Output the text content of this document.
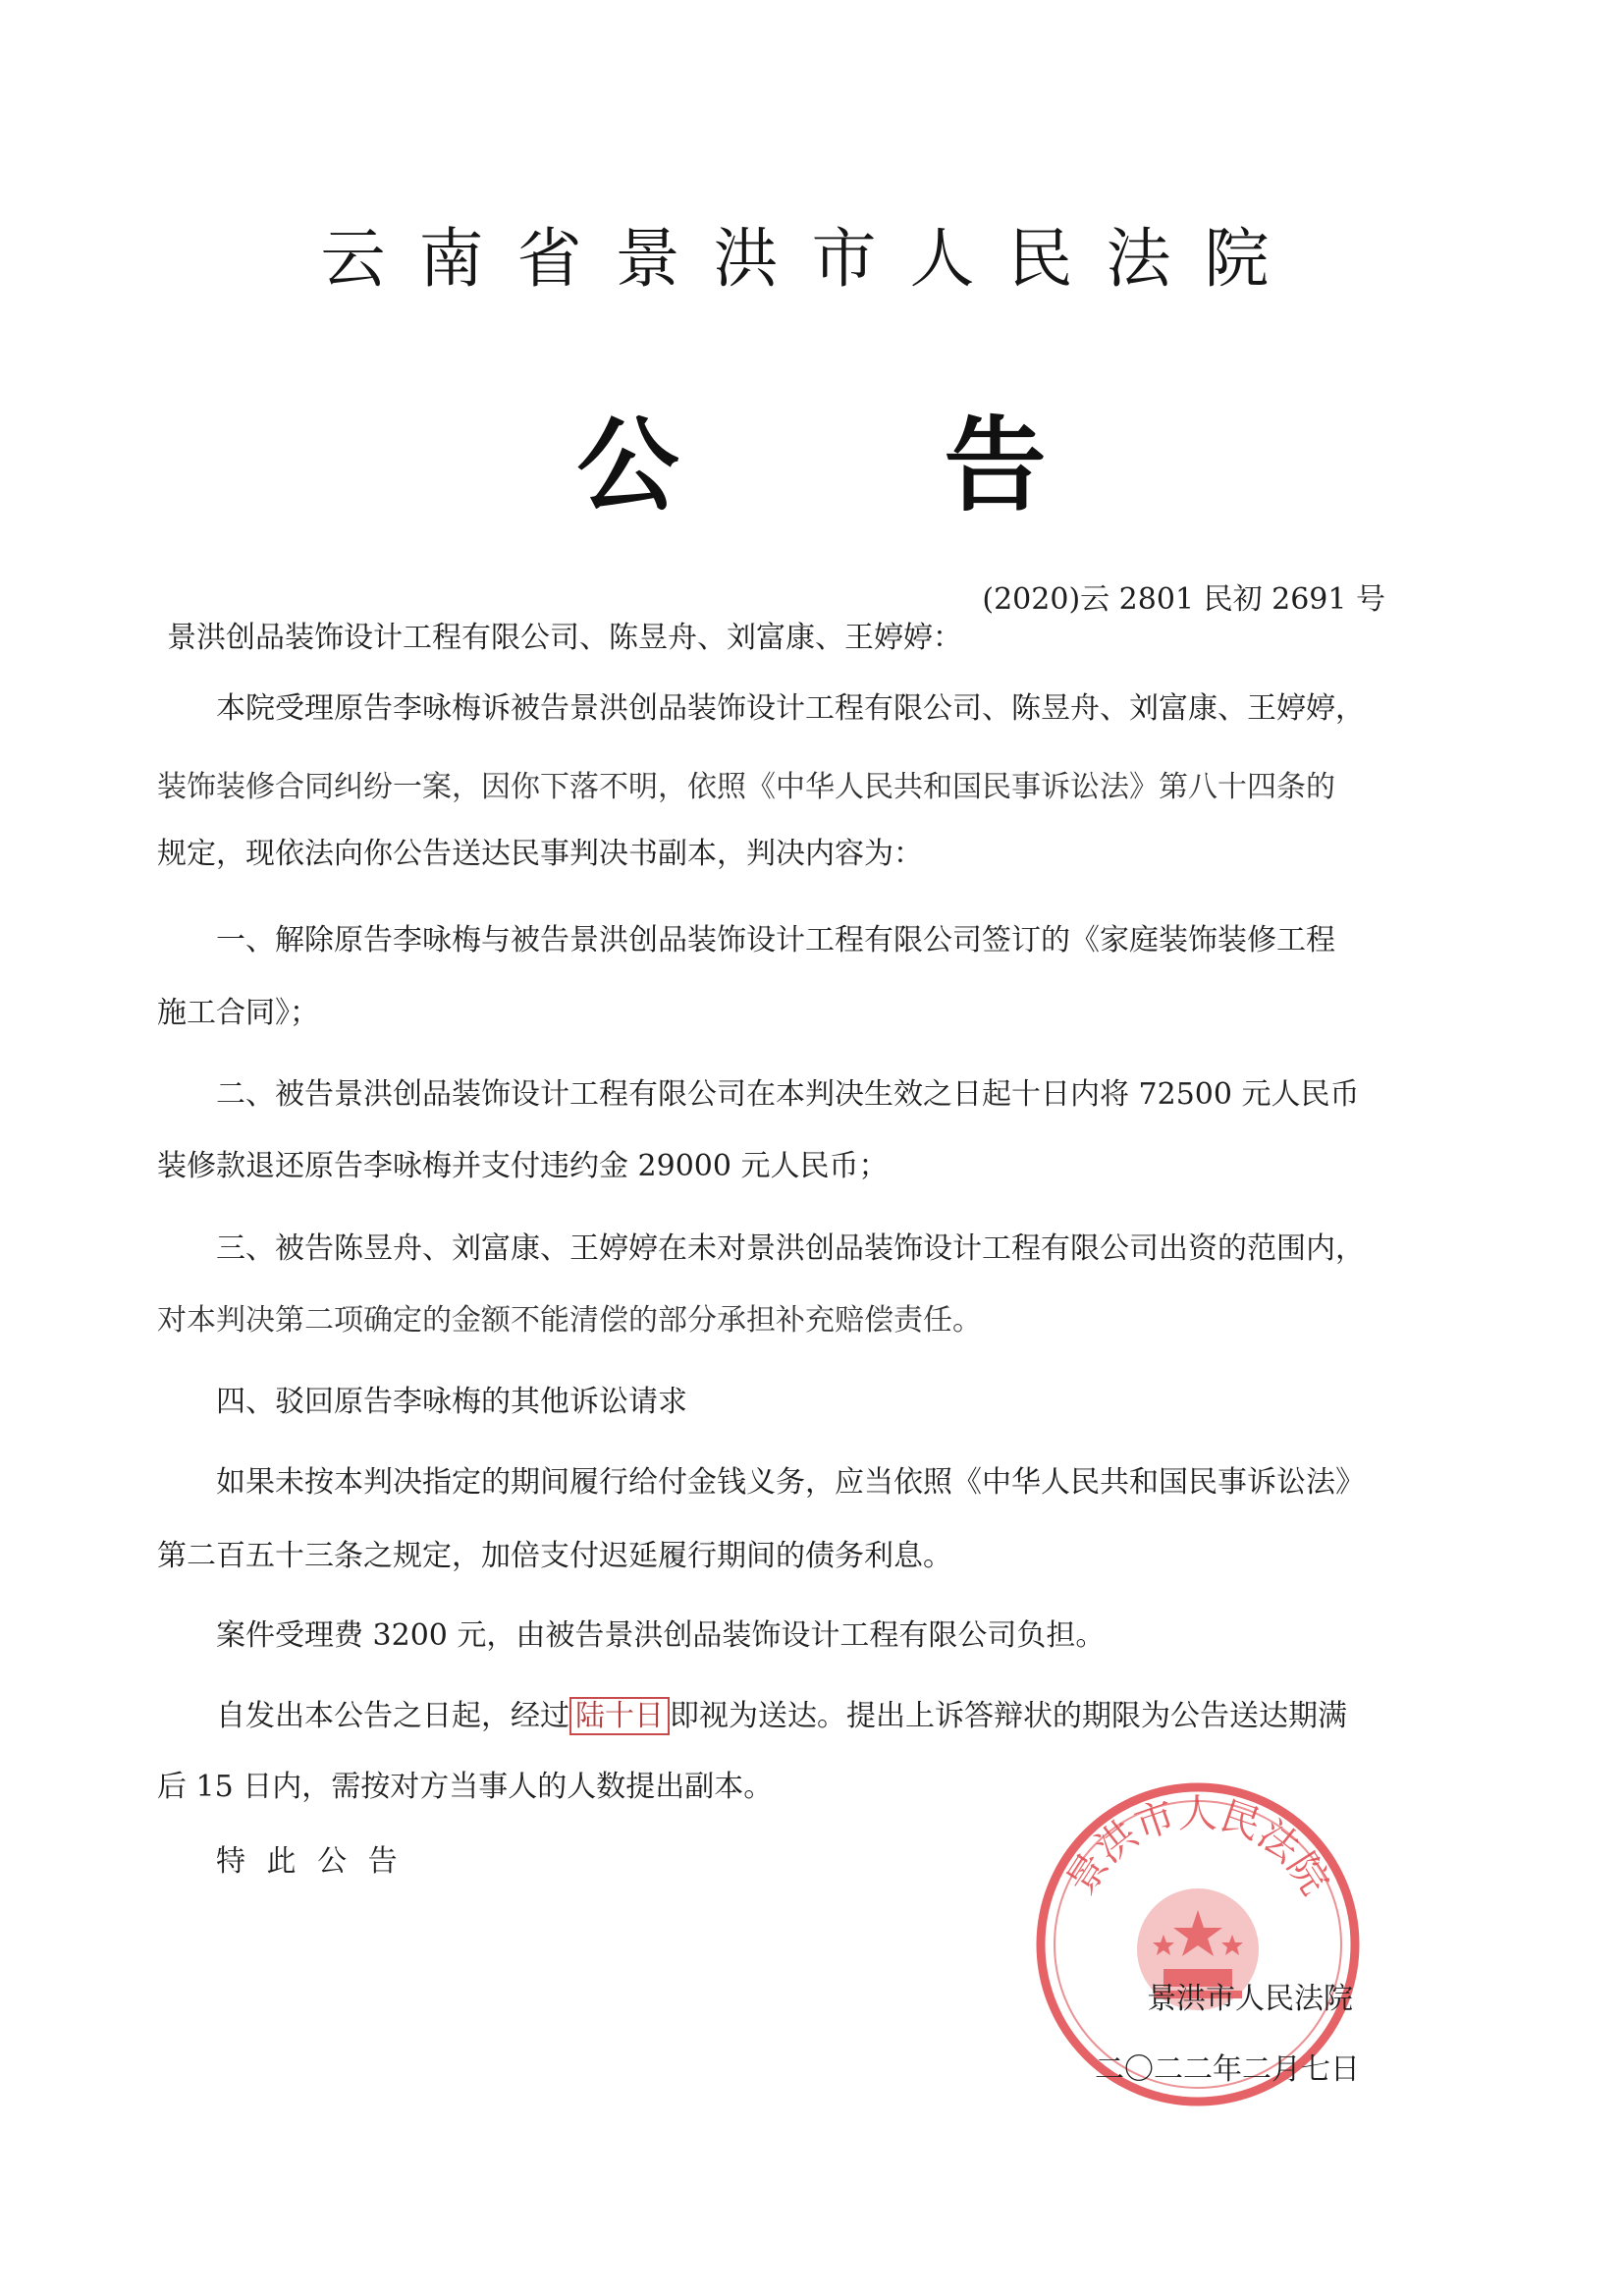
云南省景洪市人民法院
公	告
(2020)云 2801 民初 2691 号
景洪创品装饰设计工程有限公司、陈昱舟、刘富康、王婷婷：
本院受理原告李咏梅诉被告景洪创品装饰设计工程有限公司、陈昱舟、刘富康、王婷婷，
装饰装修合同纠纷一案，因你下落不明，依照《中华人民共和国民事诉讼法》第八十四条的
规定，现依法向你公告送达民事判决书副本，判决内容为：
一、解除原告李咏梅与被告景洪创品装饰设计工程有限公司签订的《家庭装饰装修工程
施工合同》；
二、被告景洪创品装饰设计工程有限公司在本判决生效之日起十日内将 72500 元人民币
装修款退还原告李咏梅并支付违约金 29000 元人民币；
三、被告陈昱舟、刘富康、王婷婷在未对景洪创品装饰设计工程有限公司出资的范围内，
对本判决第二项确定的金额不能清偿的部分承担补充赔偿责任。
四、驳回原告李咏梅的其他诉讼请求
如果未按本判决指定的期间履行给付金钱义务，应当依照《中华人民共和国民事诉讼法》
第二百五十三条之规定，加倍支付迟延履行期间的债务利息。
案件受理费 3200 元，由被告景洪创品装饰设计工程有限公司负担。
自发出本公告之日起，经过 陆十日 即视为送达。提出上诉答辩状的期限为公告送达期满
后 15 日内，需按对方当事人的人数提出副本。
特 此 公 告	景洪市人民法院
景洪市人民法院
二〇二二年二月七日
